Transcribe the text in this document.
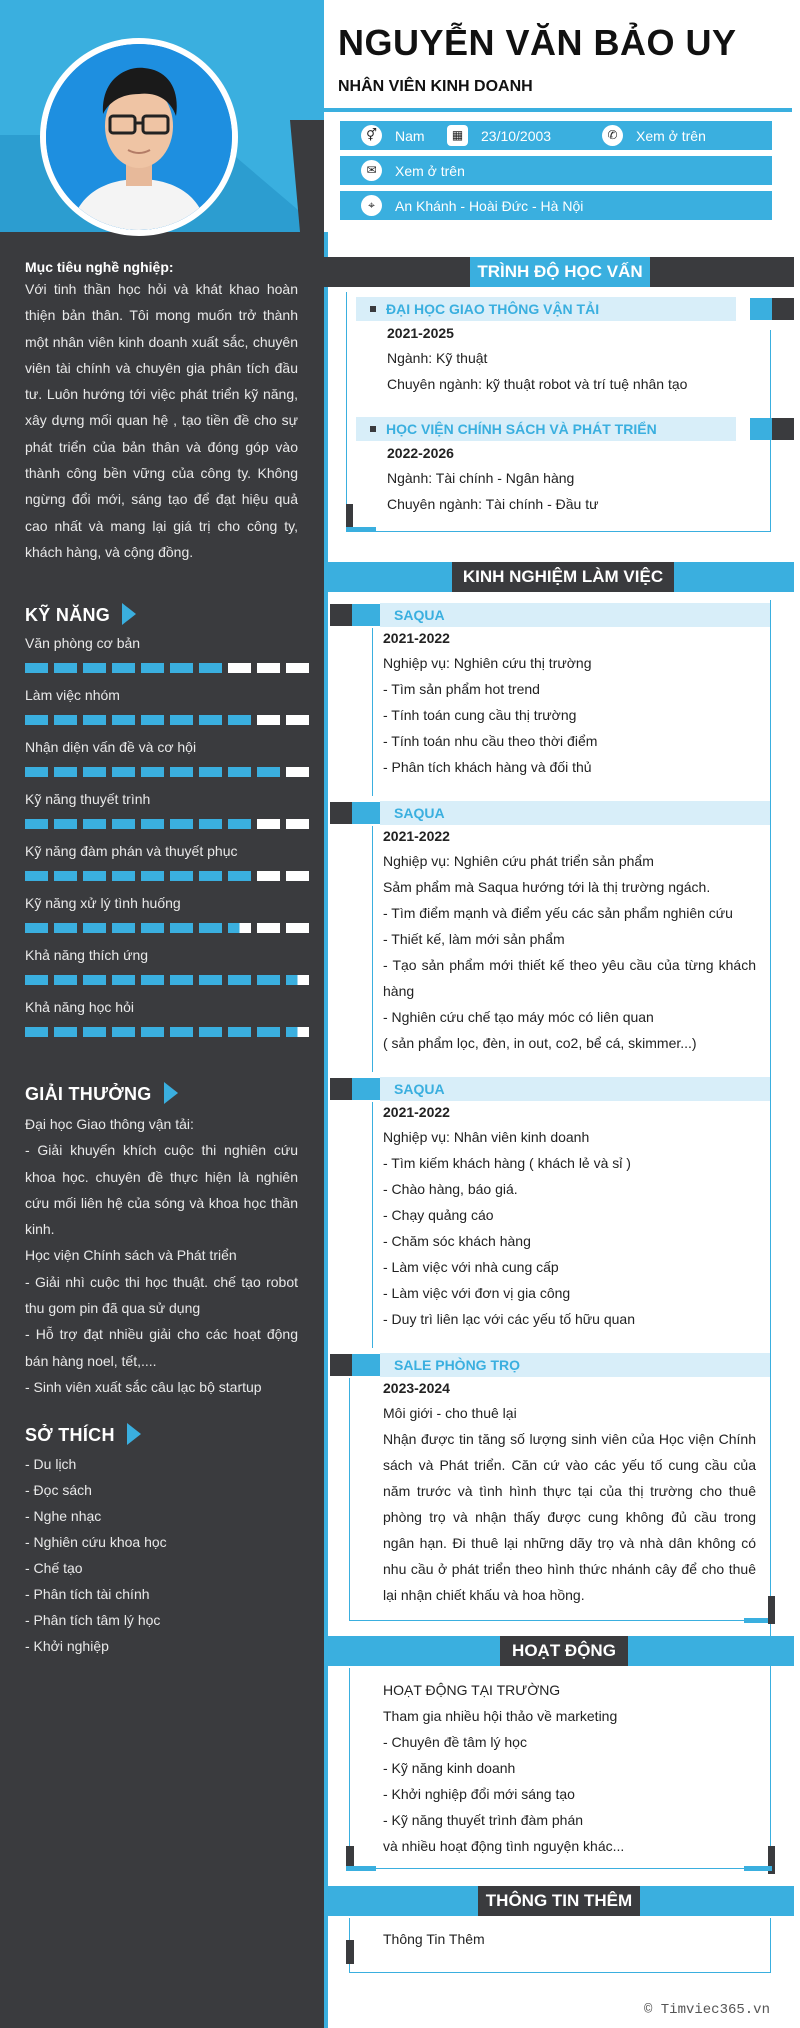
NGUYỄN VĂN BẢO UY
NHÂN VIÊN KINH DOANH
⚥	Nam	▦	23/10/2003	✆	Xem ở trên
✉	Xem ở trên
⌖	An Khánh - Hoài Đức - Hà Nội
Mục tiêu nghề nghiệp:
Với tinh thần học hỏi và khát khao hoàn thiện bản thân. Tôi mong muốn trở thành một nhân viên kinh doanh xuất sắc, chuyên viên tài chính và chuyên gia phân tích đầu tư. Luôn hướng tới việc phát triển kỹ năng, xây dựng mối quan hệ , tạo tiền đề cho sự phát triển của bản thân và đóng góp vào thành công bền vững của công ty. Không ngừng đổi mới, sáng tạo để đạt hiệu quả cao nhất và mang lại giá trị cho công ty, khách hàng, và cộng đồng.
KỸ NĂNG
Văn phòng cơ bản
Làm việc nhóm
Nhận diện vấn đề và cơ hội
Kỹ năng thuyết trình
Kỹ năng đàm phán và thuyết phục
Kỹ năng xử lý tình huống
Khả năng thích ứng
Khả năng học hỏi
GIẢI THƯỞNG
Đại học Giao thông vận tải:
- Giải khuyến khích cuộc thi nghiên cứu khoa học. chuyên đề thực hiện là nghiên cứu mối liên hệ của sóng và khoa học thần kinh.
Học viện Chính sách và Phát triển
- Giải nhì cuộc thi học thuật. chế tạo robot thu gom pin đã qua sử dụng
- Hỗ trợ đạt nhiều giải cho các hoạt động bán hàng noel, tết,....
- Sinh viên xuất sắc câu lạc bộ startup
SỞ THÍCH
- Du lịch
- Đọc sách
- Nghe nhạc
- Nghiên cứu khoa học
- Chế tạo
- Phân tích tài chính
- Phân tích tâm lý học
- Khởi nghiệp
TRÌNH ĐỘ HỌC VẤN
ĐẠI HỌC GIAO THÔNG VẬN TẢI
2021-2025
Ngành: Kỹ thuật
Chuyên ngành: kỹ thuật robot và trí tuệ nhân tạo
HỌC VIỆN CHÍNH SÁCH VÀ PHÁT TRIỂN
2022-2026
Ngành: Tài chính - Ngân hàng
Chuyên ngành: Tài chính - Đầu tư
KINH NGHIỆM LÀM VIỆC
SAQUA
2021-2022
Nghiệp vụ: Nghiên cứu thị trường
- Tìm sản phẩm hot trend
- Tính toán cung cầu thị trường
- Tính toán nhu cầu theo thời điểm
- Phân tích khách hàng và đối thủ
SAQUA
2021-2022
Nghiệp vụ: Nghiên cứu phát triển sản phẩm
Sảm phẩm mà Saqua hướng tới là thị trường ngách.
- Tìm điểm mạnh và điểm yếu các sản phẩm nghiên cứu
- Thiết kế, làm mới sản phẩm
- Tạo sản phẩm mới thiết kế theo yêu cầu của từng khách hàng
- Nghiên cứu chế tạo máy móc có liên quan
( sản phẩm lọc, đèn, in out, co2, bể cá, skimmer...)
SAQUA
2021-2022
Nghiệp vụ: Nhân viên kinh doanh
- Tìm kiếm khách hàng ( khách lẻ và sỉ )
- Chào hàng, báo giá.
- Chạy quảng cáo
- Chăm sóc khách hàng
- Làm việc với nhà cung cấp
- Làm việc với đơn vị gia công
- Duy trì liên lạc với các yếu tố hữu quan
SALE PHÒNG TRỌ
2023-2024
Môi giới - cho thuê lại
Nhận được tin tăng số lượng sinh viên của Học viện Chính sách và Phát triển. Căn cứ vào các yếu tố cung cầu của năm trước và tình hình thực tại của thị trường cho thuê phòng trọ và nhận thấy được cung không đủ cầu trong ngân hạn. Đi thuê lại những dãy trọ và nhà dân không có nhu cầu ở phát triển theo hình thức nhánh cây để cho thuê lại nhận chiết khấu và hoa hồng.
HOẠT ĐỘNG
HOẠT ĐỘNG TẠI TRƯỜNG
Tham gia nhiều hội thảo về marketing
- Chuyên đề tâm lý học
- Kỹ năng kinh doanh
- Khởi nghiệp đổi mới sáng tạo
- Kỹ năng thuyết trình đàm phán
và nhiều hoạt động tình nguyện khác...
THÔNG TIN THÊM
Thông Tin Thêm
© Timviec365.vn
